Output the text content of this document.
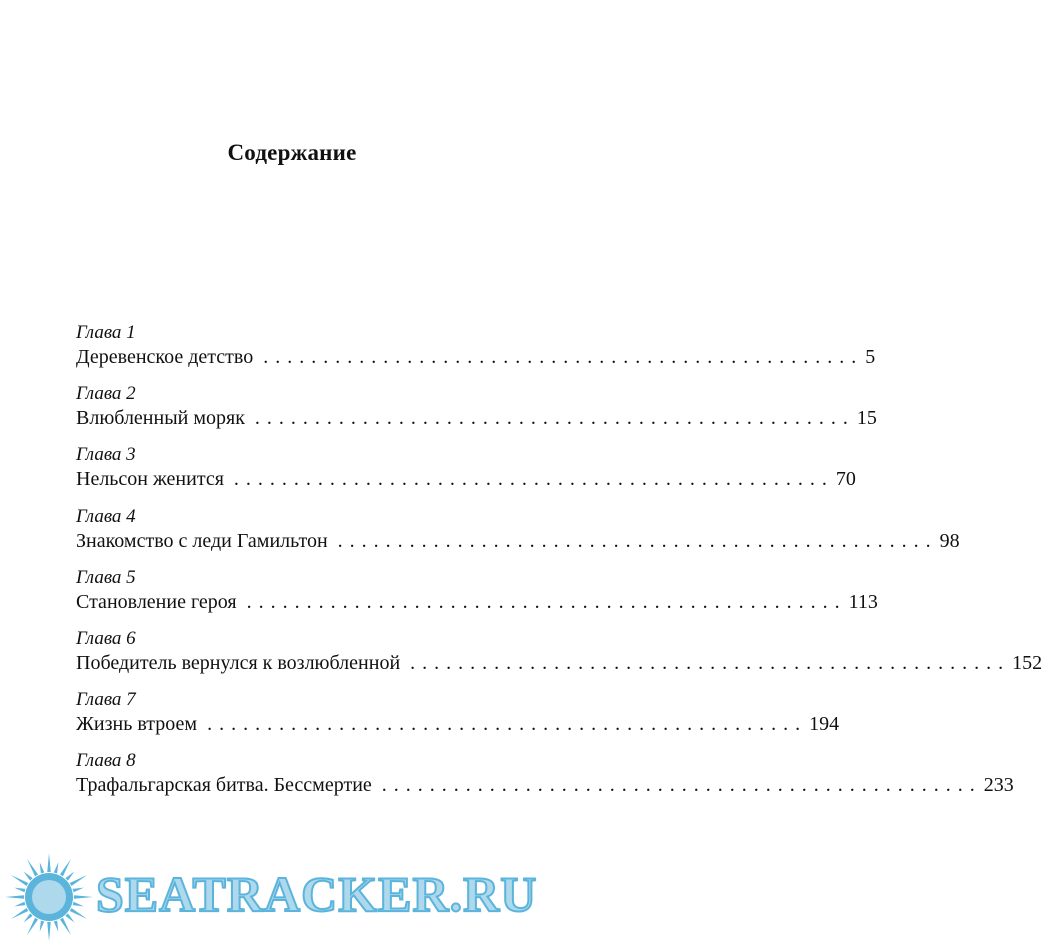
Содержание
Глава 1
Деревенское детство .................................................. 5
Глава 2
Влюбленный моряк .................................................. 15
Глава 3
Нельсон женится .................................................. 70
Глава 4
Знакомство с леди Гамильтон .................................................. 98
Глава 5
Становление героя .................................................. 113
Глава 6
Победитель вернулся к возлюбленной .................................................. 152
Глава 7
Жизнь втроем .................................................. 194
Глава 8
Трафальгарская битва. Бессмертие .................................................. 233
SEATRACKER.RU
